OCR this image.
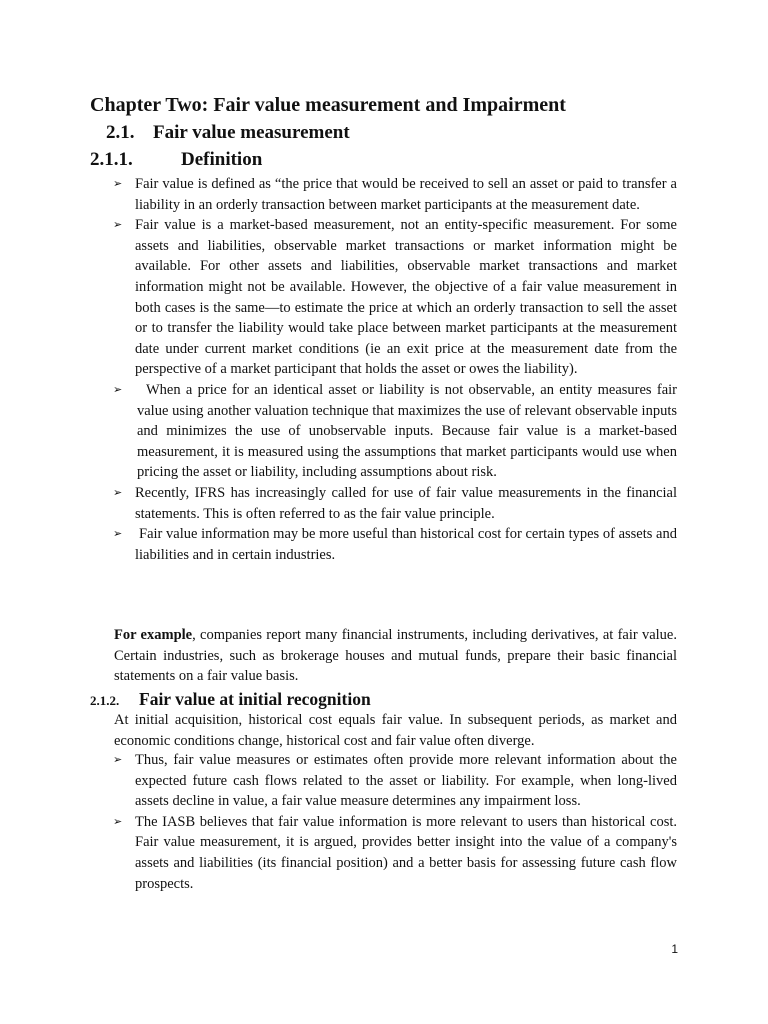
Chapter Two: Fair value measurement and Impairment
2.1. Fair value measurement
2.1.1.	Definition
➢ Fair value is defined as “the price that would be received to sell an asset or paid to transfer a liability in an orderly transaction between market participants at the measurement date.
➢ Fair value is a market-based measurement, not an entity-specific measurement. For some assets and liabilities, observable market transactions or market information might be available. For other assets and liabilities, observable market transactions and market information might not be available. However, the objective of a fair value measurement in both cases is the same—to estimate the price at which an orderly transaction to sell the asset or to transfer the liability would take place between market participants at the measurement date under current market conditions (ie an exit price at the measurement date from the perspective of a market participant that holds the asset or owes the liability).
➢ When a price for an identical asset or liability is not observable, an entity measures fair value using another valuation technique that maximizes the use of relevant observable inputs and minimizes the use of unobservable inputs. Because fair value is a market-based measurement, it is measured using the assumptions that market participants would use when pricing the asset or liability, including assumptions about risk.
➢ Recently, IFRS has increasingly called for use of fair value measurements in the financial statements. This is often referred to as the fair value principle.
➢ Fair value information may be more useful than historical cost for certain types of assets and liabilities and in certain industries.

For example, companies report many financial instruments, including derivatives, at fair value. Certain industries, such as brokerage houses and mutual funds, prepare their basic financial statements on a fair value basis.

2.1.2. Fair value at initial recognition

At initial acquisition, historical cost equals fair value. In subsequent periods, as market and economic conditions change, historical cost and fair value often diverge.

➢ Thus, fair value measures or estimates often provide more relevant information about the expected future cash flows related to the asset or liability. For example, when long-lived assets decline in value, a fair value measure determines any impairment loss.
➢ The IASB believes that fair value information is more relevant to users than historical cost. Fair value measurement, it is argued, provides better insight into the value of a company's assets and liabilities (its financial position) and a better basis for assessing future cash flow prospects.
1
